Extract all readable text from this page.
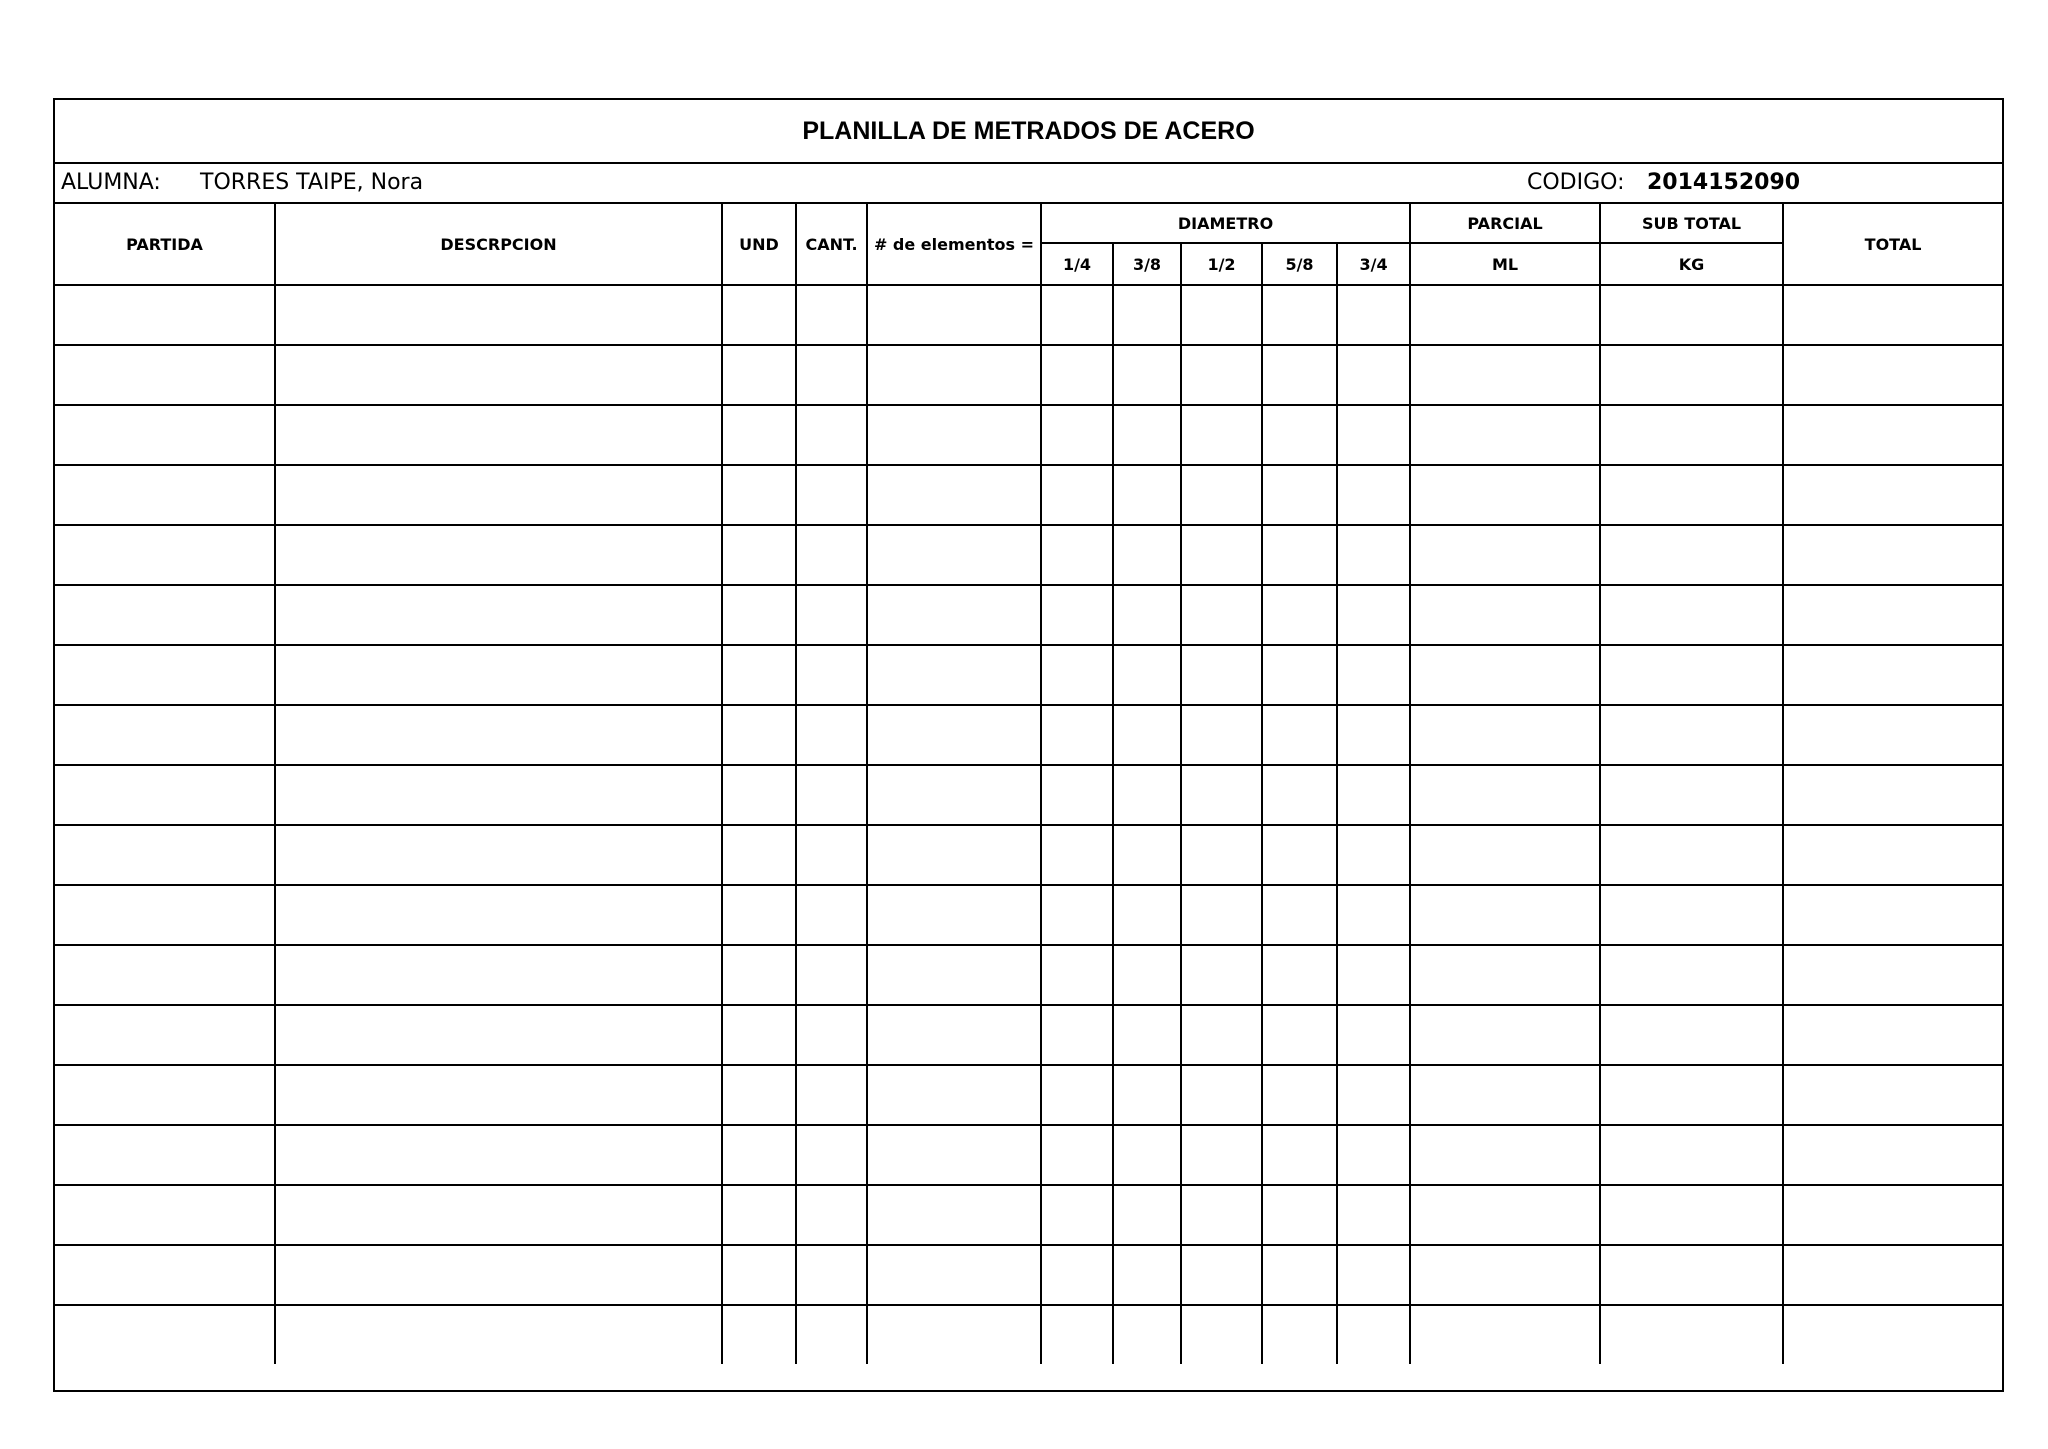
PLANILLA DE METRADOS DE ACERO
ALUMNA: TORRES TAIPE, Nora	CODIGO: 2014152090
PARTIDA	DESCRPCION	UND	CANT.	# de elementos =	DIAMETRO					PARCIAL	SUB TOTAL	TOTAL
					1/4	3/8	1/2	5/8	3/4	ML	KG	
